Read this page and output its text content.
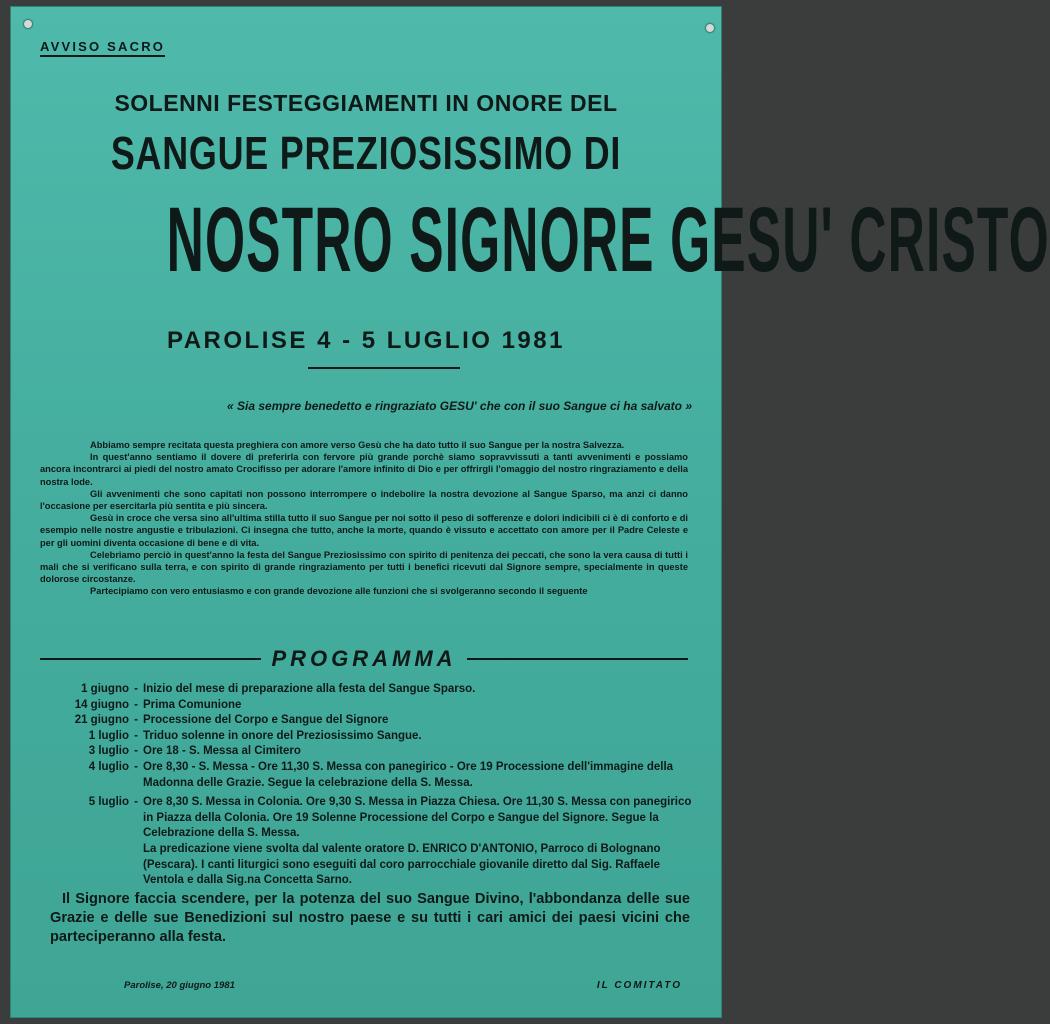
AVVISO SACRO
SOLENNI FESTEGGIAMENTI IN ONORE DEL
SANGUE PREZIOSISSIMO DI
NOSTRO SIGNORE GESU' CRISTO
PAROLISE 4 - 5 LUGLIO 1981
« Sia sempre benedetto e ringraziato GESU' che con il suo Sangue ci ha salvato »

Abbiamo sempre recitata questa preghiera con amore verso Gesù che ha dato tutto il suo Sangue per la nostra Salvezza.

In quest'anno sentiamo il dovere di preferirla con fervore più grande porchè siamo sopravvissuti a tanti avvenimenti e possiamo ancora incontrarci ai piedi del nostro amato Crocifisso per adorare l'amore infinito di Dio e per offrirgli l'omaggio del nostro ringraziamento e della nostra lode.

Gli avvenimenti che sono capitati non possono interrompere o indebolire la nostra devozione al Sangue Sparso, ma anzi ci danno l'occasione per esercitarla più sentita e più sincera.

Gesù in croce che versa sino all'ultima stilla tutto il suo Sangue per noi sotto il peso di sofferenze e dolori indicibili ci è di conforto e di esempio nelle nostre angustie e tribulazioni. Ci insegna che tutto, anche la morte, quando è vissuto e accettato con amore per il Padre Celeste e per gli uomini diventa occasione di bene e di vita.

Celebriamo perciò in quest'anno la festa del Sangue Preziosissimo con spirito di penitenza dei peccati, che sono la vera causa di tutti i mali che si verificano sulla terra, e con spirito di grande ringraziamento per tutti i benefici ricevuti dal Signore sempre, specialmente in queste dolorose circostanze.

Partecipiamo con vero entusiasmo e con grande devozione alle funzioni che si svolgeranno secondo il seguente

PROGRAMMA
1 giugno - Inizio del mese di preparazione alla festa del Sangue Sparso.
14 giugno - Prima Comunione
21 giugno - Processione del Corpo e Sangue del Signore
1 luglio - Triduo solenne in onore del Preziosissimo Sangue.
3 luglio - Ore 18 - S. Messa al Cimitero
4 luglio - Ore 8,30 - S. Messa - Ore 11,30 S. Messa con panegirico - Ore 19 Processione dell'immagine della Madonna delle Grazie. Segue la celebrazione della S. Messa.
5 luglio - Ore 8,30 S. Messa in Colonia. Ore 9,30 S. Messa in Piazza Chiesa. Ore 11,30 S. Messa con panegirico in Piazza della Colonia. Ore 19 Solenne Processione del Corpo e Sangue del Signore. Segue la Celebrazione della S. Messa.
La predicazione viene svolta dal valente oratore D. ENRICO D'ANTONIO, Parroco di Bolognano (Pescara). I canti liturgici sono eseguiti dal coro parrocchiale giovanile diretto dal Sig. Raffaele Ventola e dalla Sig.na Concetta Sarno.
Il Signore faccia scendere, per la potenza del suo Sangue Divino, l'abbondanza delle sue Grazie e delle sue Benedizioni sul nostro paese e su tutti i cari amici dei paesi vicini che parteciperanno alla festa.
Parolise, 20 giugno 1981	IL COMITATO
